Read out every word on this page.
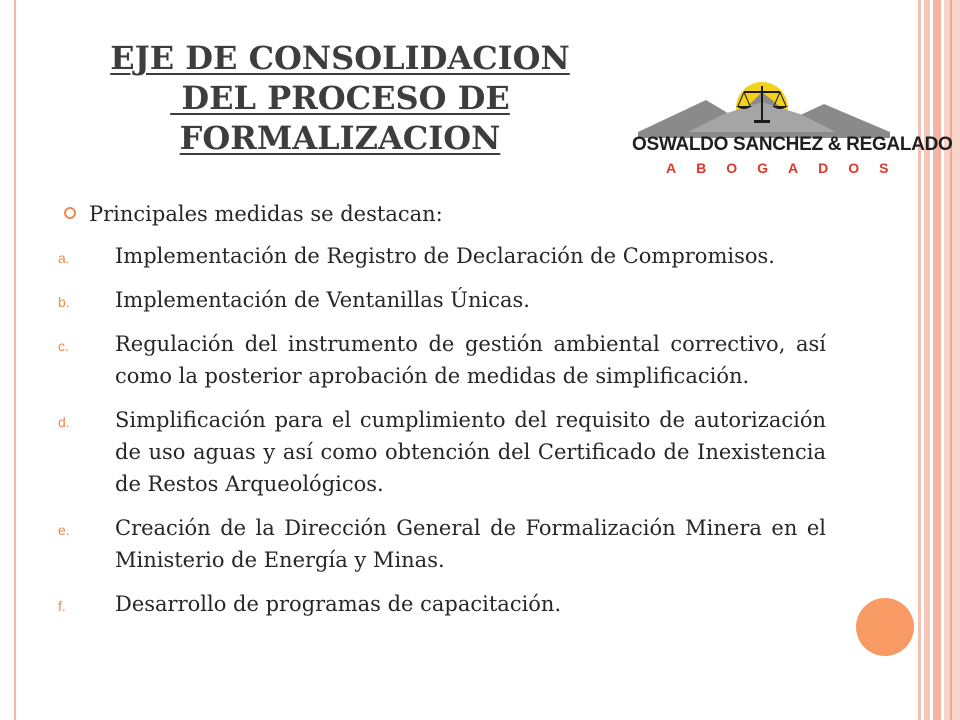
EJE DE CONSOLIDACION
DEL PROCESO DE
FORMALIZACION	OSWALDO SANCHEZ & REGALADO
ABOGADOS
Principales medidas se destacan:
a. Implementación de Registro de Declaración de Compromisos.
b. Implementación de Ventanillas Únicas.
c. Regulación del instrumento de gestión ambiental correctivo, así como la posterior aprobación de medidas de simplificación.
d. Simplificación para el cumplimiento del requisito de autorización de uso aguas y así como obtención del Certificado de Inexistencia de Restos Arqueológicos.
e. Creación de la Dirección General de Formalización Minera en el Ministerio de Energía y Minas.
f. Desarrollo de programas de capacitación.
